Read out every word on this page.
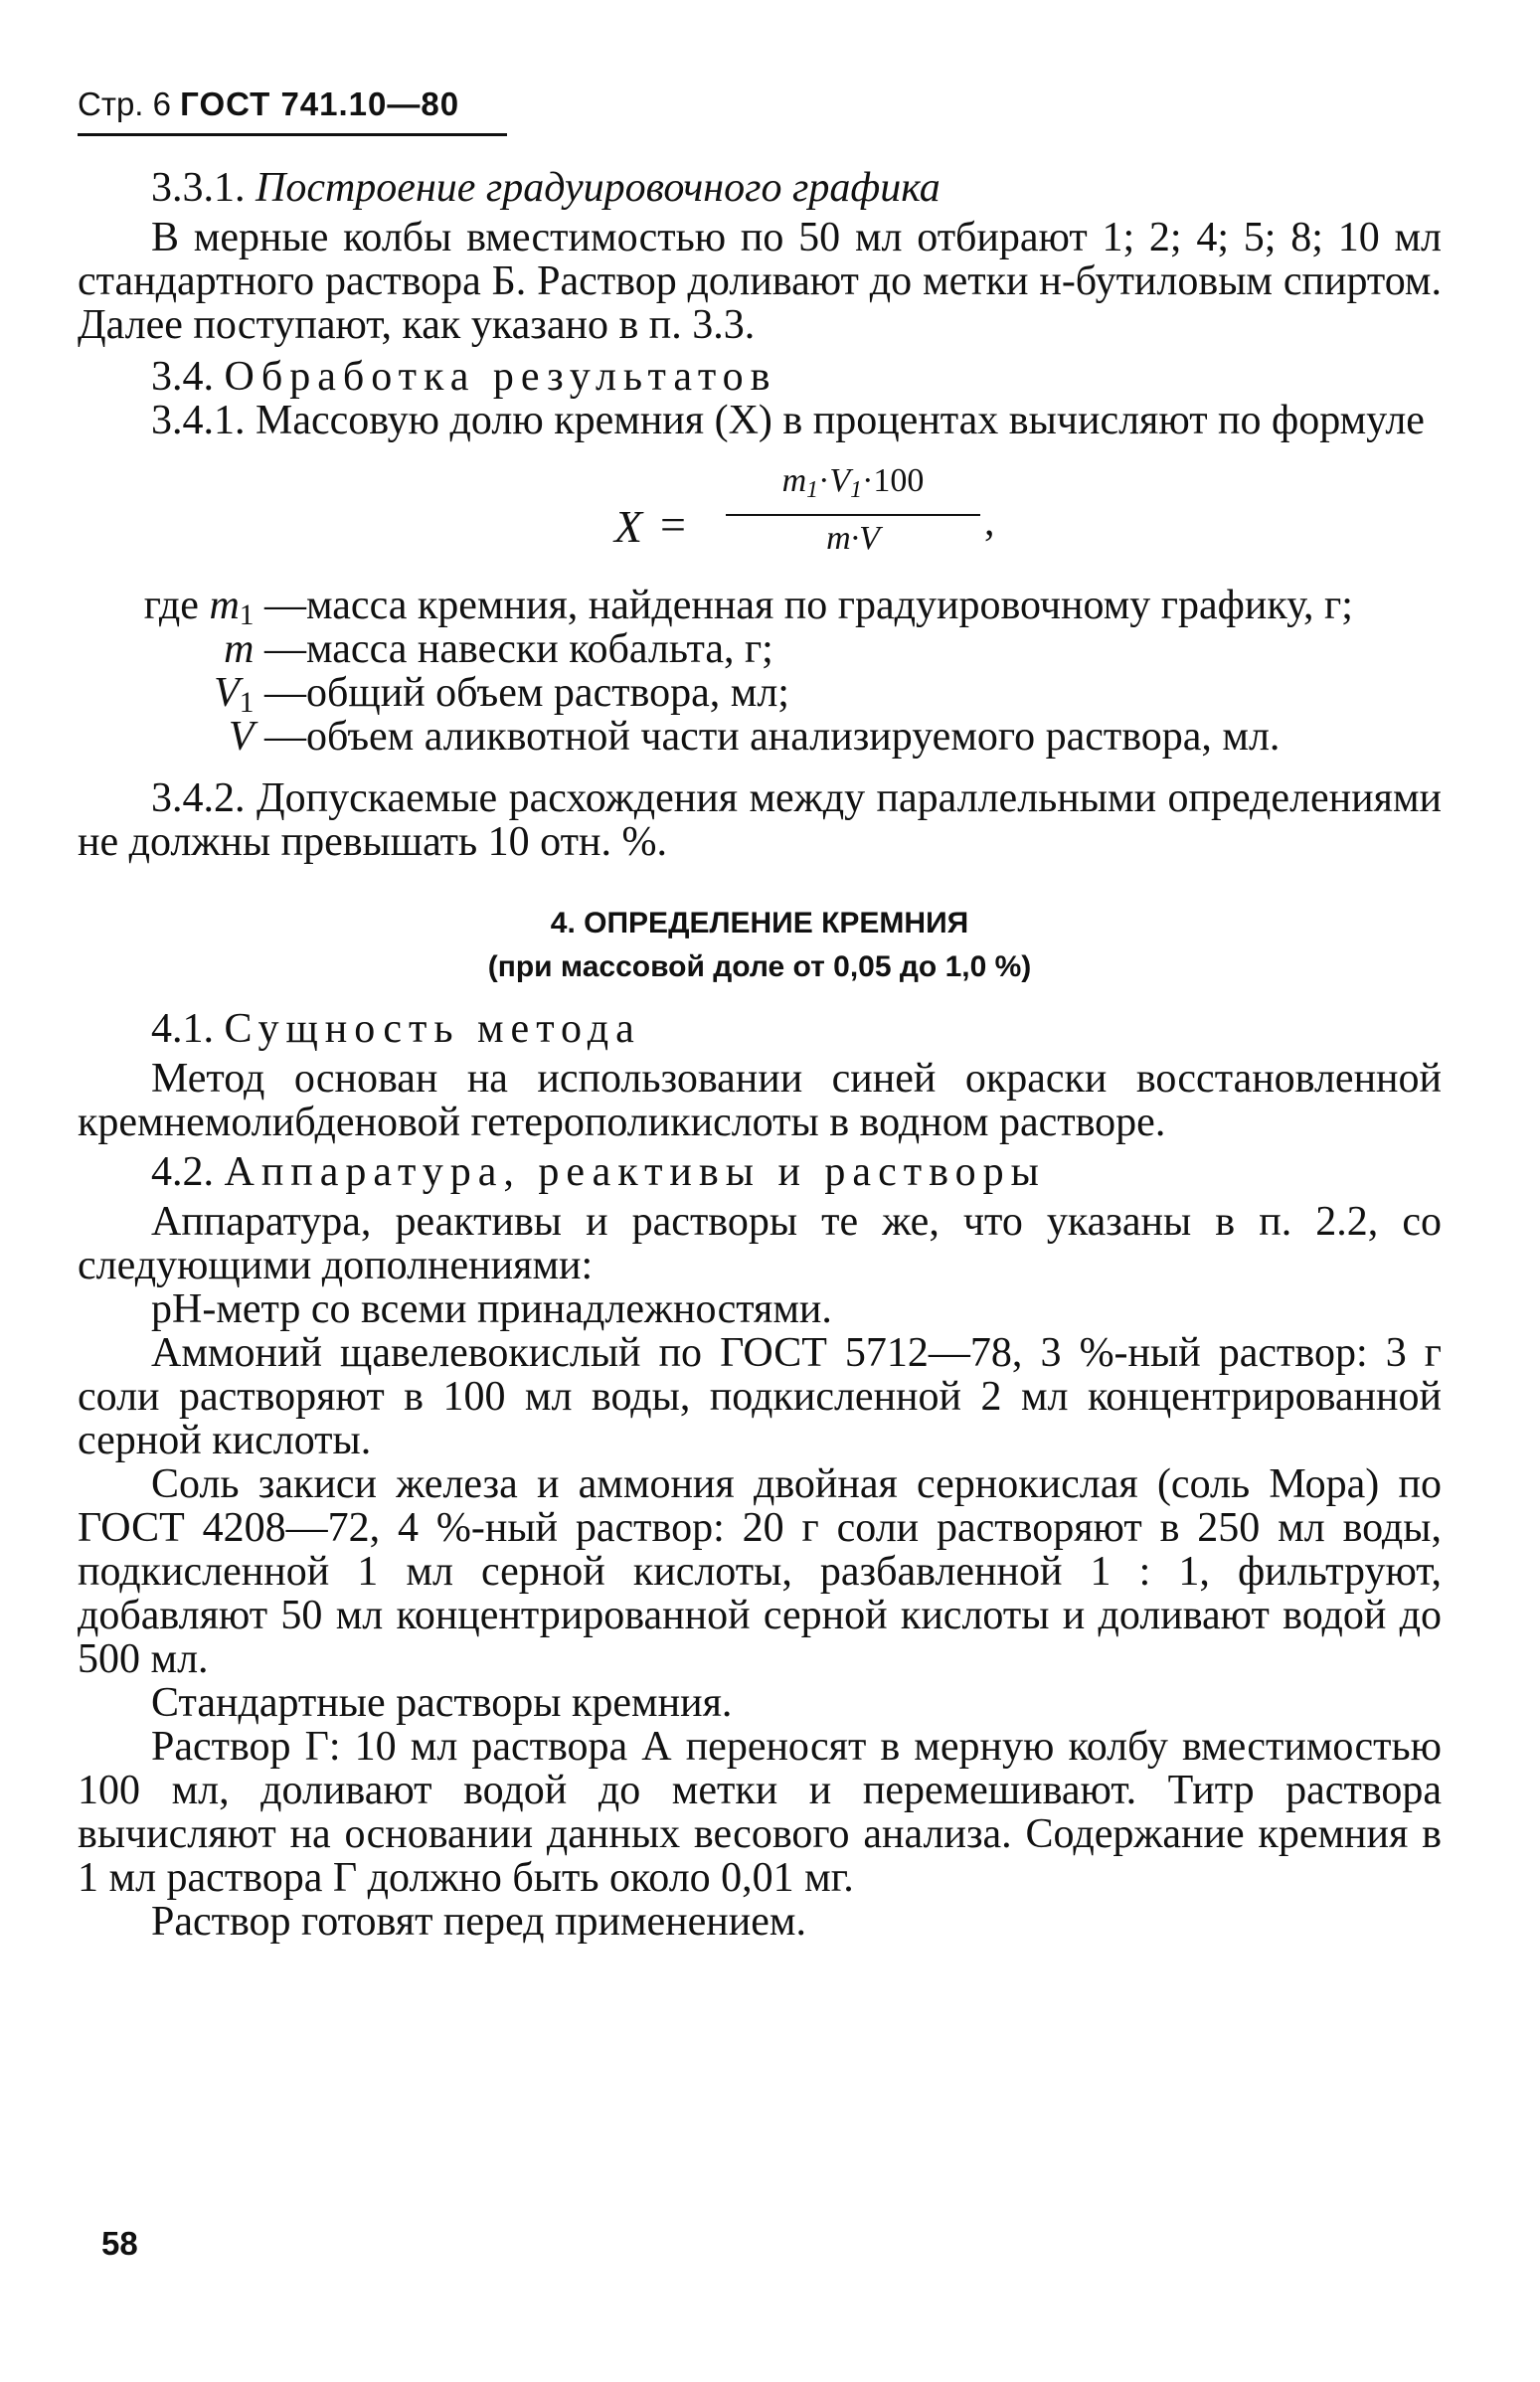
Стр. 6 ГОСТ 741.10—80

3.3.1. Построение градуировочного графика

В мерные колбы вместимостью по 50 мл отбирают 1; 2; 4; 5; 8; 10 мл стандартного раствора Б. Раствор доливают до метки н-бутиловым спиртом. Далее поступают, как указано в п. 3.3.

3.4. Обработка результатов

3.4.1. Массовую долю кремния (X) в процентах вычисляют по формуле

X =
$m_1\cdot V_1\cdot 100$
m·V	,
где $m_1$ — масса кремния, найденная по градуировочному графику, г;
m — масса навески кобальта, г;
$V_1$ — общий объем раствора, мл;
V — объем аликвотной части анализируемого раствора, мл.

3.4.2. Допускаемые расхождения между параллельными определениями не должны превышать 10 отн. %.

4. ОПРЕДЕЛЕНИЕ КРЕМНИЯ

(при массовой доле от 0,05 до 1,0 %)

4.1. Сущность метода

Метод основан на использовании синей окраски восстановленной кремнемолибденовой гетерополикислоты в водном растворе.

4.2. Аппаратура, реактивы и растворы

Аппаратура, реактивы и растворы те же, что указаны в п. 2.2, со следующими дополнениями:

pH-метр со всеми принадлежностями.

Аммоний щавелевокислый по ГОСТ 5712—78, 3 %-ный раствор: 3 г соли растворяют в 100 мл воды, подкисленной 2 мл концентрированной серной кислоты.

Соль закиси железа и аммония двойная сернокислая (соль Мора) по ГОСТ 4208—72, 4 %-ный раствор: 20 г соли растворяют в 250 мл воды, подкисленной 1 мл серной кислоты, разбавленной 1 : 1, фильтруют, добавляют 50 мл концентрированной серной кислоты и доливают водой до 500 мл.

Стандартные растворы кремния.

Раствор Г: 10 мл раствора А переносят в мерную колбу вместимостью 100 мл, доливают водой до метки и перемешивают. Титр раствора вычисляют на основании данных весового анализа. Содержание кремния в 1 мл раствора Г должно быть около 0,01 мг.

Раствор готовят перед применением.

58
